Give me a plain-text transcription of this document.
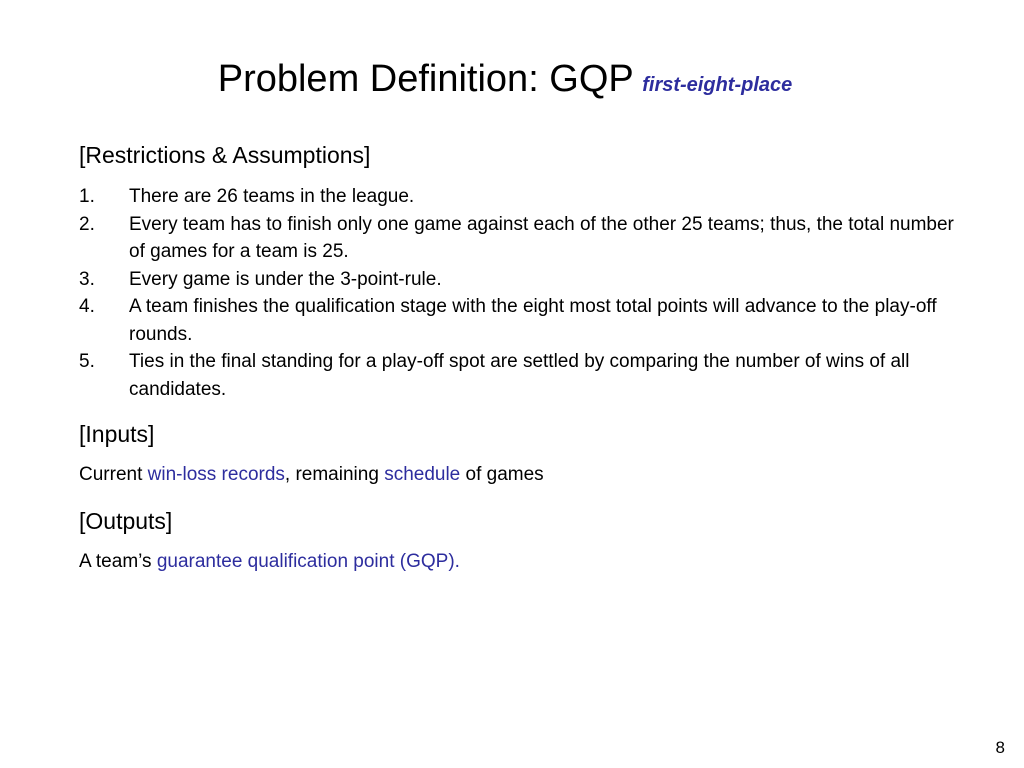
Problem Definition: GQP first-eight-place
[Restrictions & Assumptions]
1. There are 26 teams in the league.
2. Every team has to finish only one game against each of the other 25 teams; thus, the total number of games for a team is 25.
3. Every game is under the 3-point-rule.
4. A team finishes the qualification stage with the eight most total points will advance to the play-off rounds.
5. Ties in the final standing for a play-off spot are settled by comparing the number of wins of all candidates.
[Inputs]

Current win-loss records, remaining schedule of games

[Outputs]

A team’s guarantee qualification point (GQP).

8
